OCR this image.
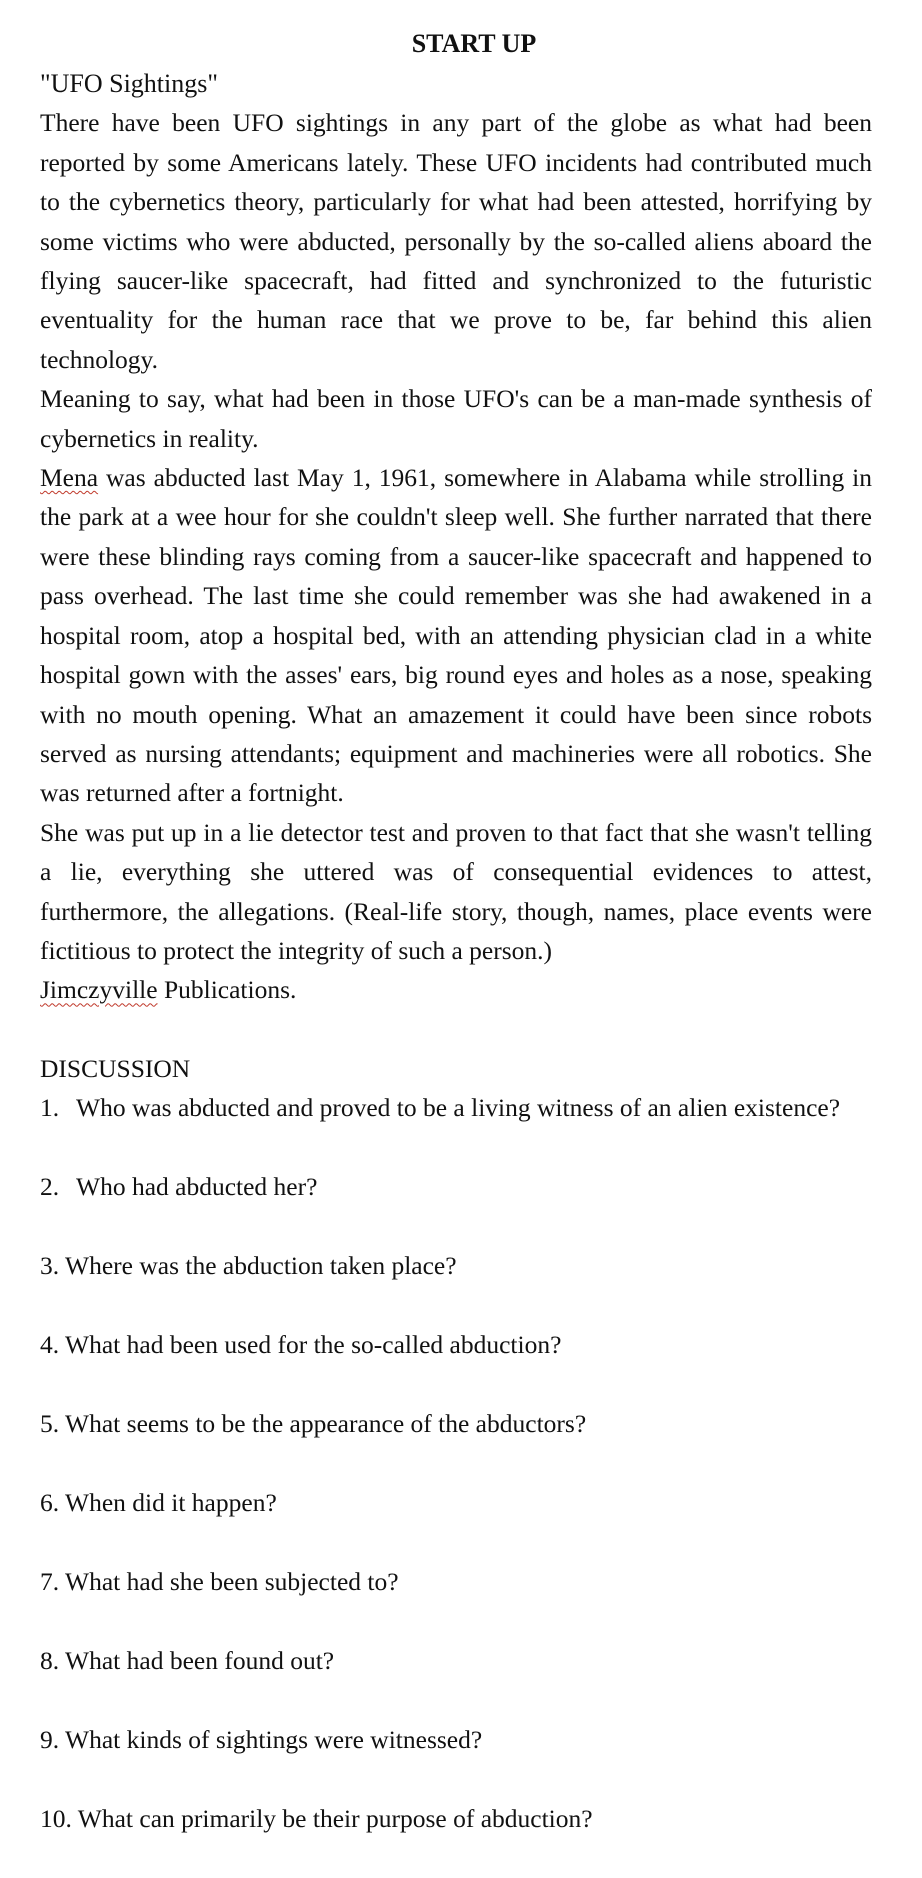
START UP

"UFO Sightings"

There have been UFO sightings in any part of the globe as what had been reported by some Americans lately. These UFO incidents had contributed much to the cybernetics theory, particularly for what had been attested, horrifying by some victims who were abducted, personally by the so-called aliens aboard the flying saucer-like spacecraft, had fitted and synchronized to the futuristic eventuality for the human race that we prove to be, far behind this alien technology.

Meaning to say, what had been in those UFO's can be a man-made synthesis of cybernetics in reality.

Mena was abducted last May 1, 1961, somewhere in Alabama while strolling in the park at a wee hour for she couldn't sleep well. She further narrated that there were these blinding rays coming from a saucer-like spacecraft and happened to pass overhead. The last time she could remember was she had awakened in a hospital room, atop a hospital bed, with an attending physician clad in a white hospital gown with the asses' ears, big round eyes and holes as a nose, speaking with no mouth opening. What an amazement it could have been since robots served as nursing attendants; equipment and machineries were all robotics. She was returned after a fortnight.

She was put up in a lie detector test and proven to that fact that she wasn't telling a lie, everything she uttered was of consequential evidences to attest, furthermore, the allegations. (Real-life story, though, names, place events were fictitious to protect the integrity of such a person.)

Jimczyville Publications.

DISCUSSION

1. Who was abducted and proved to be a living witness of an alien existence?
2. Who had abducted her?
3. Where was the abduction taken place?
4. What had been used for the so-called abduction?
5. What seems to be the appearance of the abductors?
6. When did it happen?
7. What had she been subjected to?
8. What had been found out?
9. What kinds of sightings were witnessed?
10. What can primarily be their purpose of abduction?
